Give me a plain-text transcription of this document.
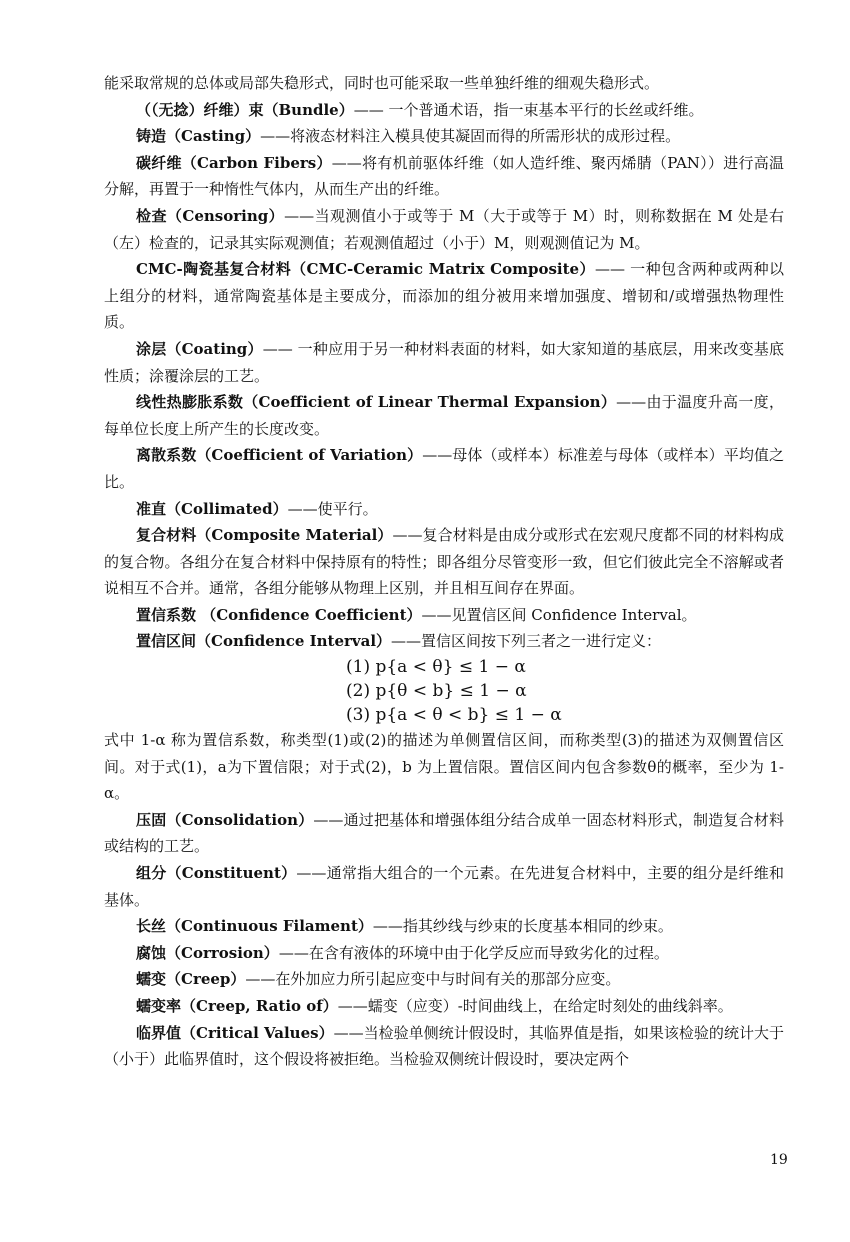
能采取常规的总体或局部失稳形式，同时也可能采取一些单独纤维的细观失稳形式。

（（无捻）纤维）束（Bundle）—— 一个普通术语，指一束基本平行的长丝或纤维。

铸造（Casting）——将液态材料注入模具使其凝固而得的所需形状的成形过程。

碳纤维（Carbon Fibers）——将有机前驱体纤维（如人造纤维、聚丙烯腈（PAN））进行高温分解，再置于一种惰性气体内，从而生产出的纤维。

检查（Censoring）——当观测值小于或等于 M（大于或等于 M）时，则称数据在 M 处是右（左）检查的，记录其实际观测值；若观测值超过（小于）M，则观测值记为 M。

CMC-陶瓷基复合材料（CMC-Ceramic Matrix Composite）—— 一种包含两种或两种以上组分的材料，通常陶瓷基体是主要成分，而添加的组分被用来增加强度、增韧和/或增强热物理性质。

涂层（Coating）—— 一种应用于另一种材料表面的材料，如大家知道的基底层，用来改变基底性质；涂覆涂层的工艺。

线性热膨胀系数（Coefficient of Linear Thermal Expansion）——由于温度升高一度，每单位长度上所产生的长度改变。

离散系数（Coefficient of Variation）——母体（或样本）标准差与母体（或样本）平均值之比。

准直（Collimated）——使平行。

复合材料（Composite Material）——复合材料是由成分或形式在宏观尺度都不同的材料构成的复合物。各组分在复合材料中保持原有的特性；即各组分尽管变形一致，但它们彼此完全不溶解或者说相互不合并。通常，各组分能够从物理上区别，并且相互间存在界面。

置信系数 （Confidence Coefficient）——见置信区间 Confidence Interval。

置信区间（Confidence Interval）——置信区间按下列三者之一进行定义：

(1) p{a < θ} ≤ 1 − α
(2) p{θ < b} ≤ 1 − α
(3) p{a < θ < b} ≤ 1 − α

式中 1-α 称为置信系数，称类型(1)或(2)的描述为单侧置信区间，而称类型(3)的描述为双侧置信区间。对于式(1)，a为下置信限；对于式(2)，b 为上置信限。置信区间内包含参数θ的概率，至少为 1-α。

压固（Consolidation）——通过把基体和增强体组分结合成单一固态材料形式，制造复合材料或结构的工艺。

组分（Constituent）——通常指大组合的一个元素。在先进复合材料中，主要的组分是纤维和基体。

长丝（Continuous Filament）——指其纱线与纱束的长度基本相同的纱束。

腐蚀（Corrosion）——在含有液体的环境中由于化学反应而导致劣化的过程。

蠕变（Creep）——在外加应力所引起应变中与时间有关的那部分应变。

蠕变率（Creep, Ratio of）——蠕变（应变）-时间曲线上，在给定时刻处的曲线斜率。

临界值（Critical Values）——当检验单侧统计假设时，其临界值是指，如果该检验的统计大于（小于）此临界值时，这个假设将被拒绝。当检验双侧统计假设时，要决定两个

19
